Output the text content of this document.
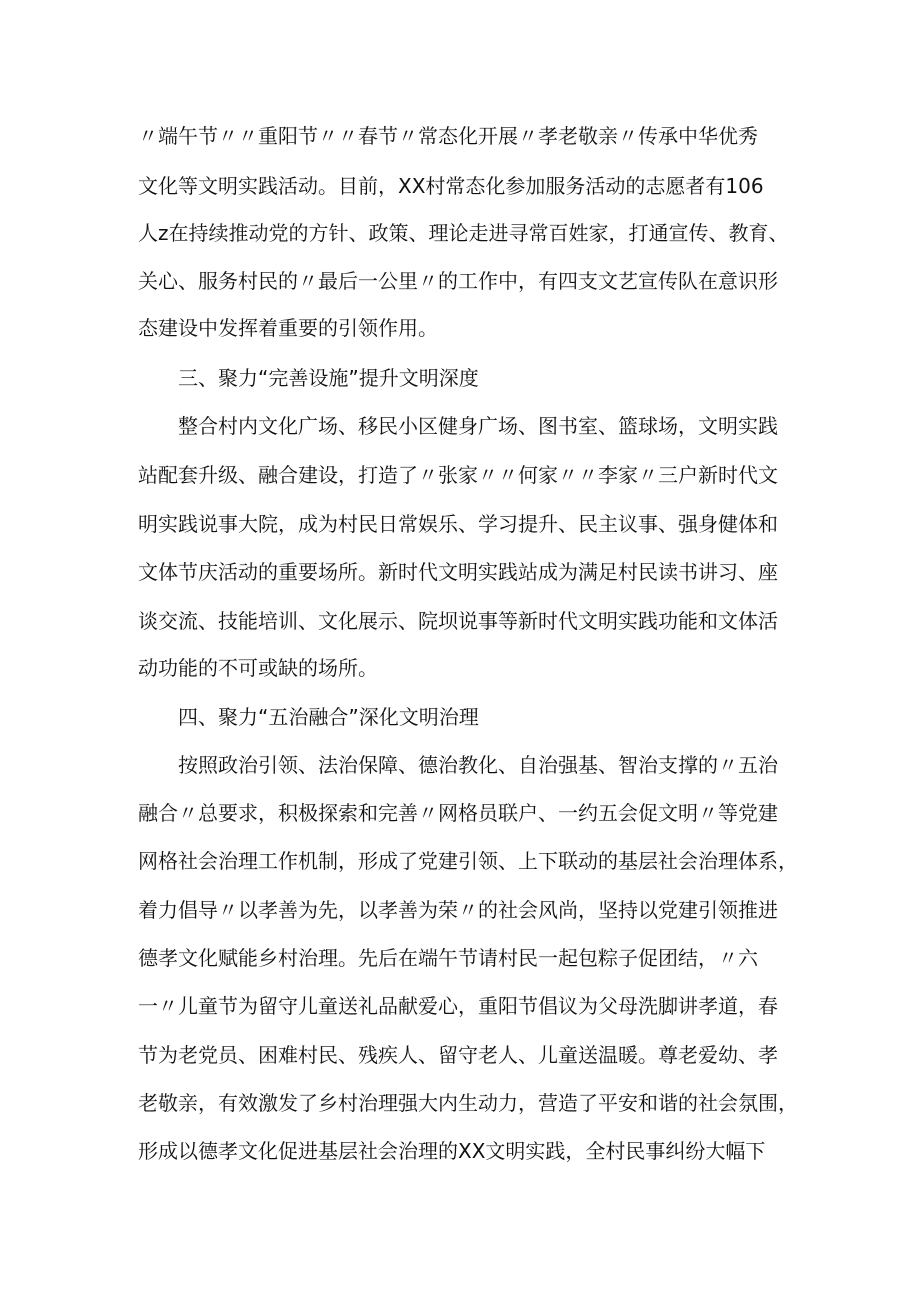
〃端午节〃〃重阳节〃〃春节〃常态化开展〃孝老敬亲〃传承中华优秀
文化等文明实践活动。目前，XX村常态化参加服务活动的志愿者有106
人z在持续推动党的方针、政策、理论走进寻常百姓家，打通宣传、教育、
关心、服务村民的〃最后一公里〃的工作中，有四支文艺宣传队在意识形
态建设中发挥着重要的引领作用。
三、聚力“完善设施”提升文明深度
整合村内文化广场、移民小区健身广场、图书室、篮球场，文明实践
站配套升级、融合建设，打造了〃张家〃〃何家〃〃李家〃三户新时代文
明实践说事大院，成为村民日常娱乐、学习提升、民主议事、强身健体和
文体节庆活动的重要场所。新时代文明实践站成为满足村民读书讲习、座
谈交流、技能培训、文化展示、院坝说事等新时代文明实践功能和文体活
动功能的不可或缺的场所。
四、聚力“五治融合”深化文明治理
按照政治引领、法治保障、德治教化、自治强基、智治支撑的〃五治
融合〃总要求，积极探索和完善〃网格员联户、一约五会促文明〃等党建
网格社会治理工作机制，形成了党建引领、上下联动的基层社会治理体系，
着力倡导〃以孝善为先，以孝善为荣〃的社会风尚，坚持以党建引领推进
德孝文化赋能乡村治理。先后在端午节请村民一起包粽子促团结，〃六
一〃儿童节为留守儿童送礼品献爱心，重阳节倡议为父母洗脚讲孝道，春
节为老党员、困难村民、残疾人、留守老人、儿童送温暖。尊老爱幼、孝
老敬亲，有效激发了乡村治理强大内生动力，营造了平安和谐的社会氛围，
形成以德孝文化促进基层社会治理的XX文明实践，全村民事纠纷大幅下
